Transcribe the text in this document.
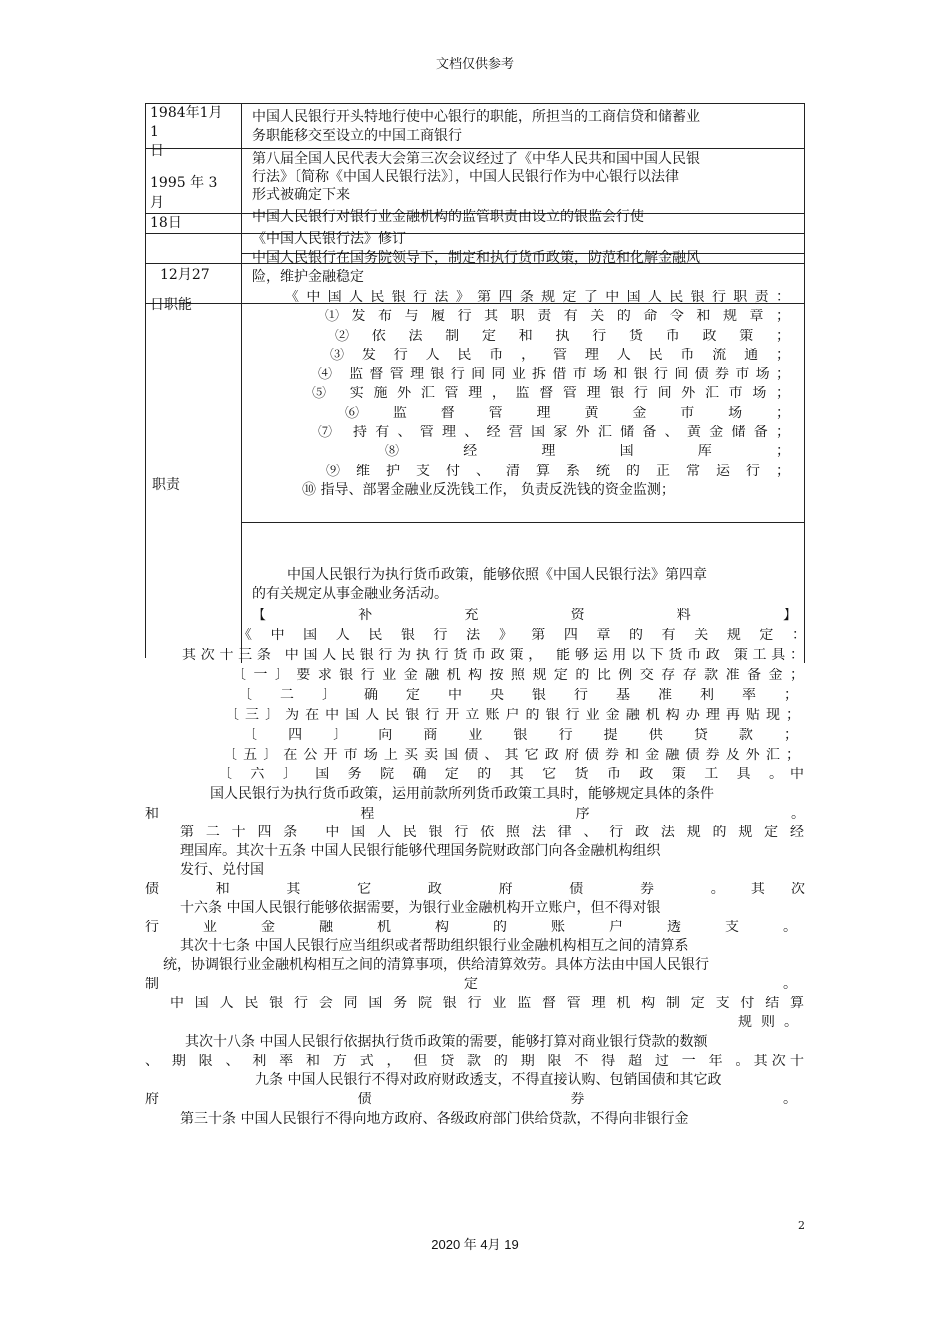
文档仅供参考
1984年1月
1
日
中国人民银行开头特地行使中心银行的职能，所担当的工商信贷和储蓄业
务职能移交至设立的中国工商银行
1995 年 3
月
18日
第八届全国人民代表大会第三次会议经过了《中华人民共和国中国人民银
行法》〔简称《中国人民银行法》〕，中国人民银行作为中心银行以法律
形式被确定下来
中国人民银行对银行业金融机构的监管职责由设立的银监会行使
《中国人民银行法》修订
12月27
日职能
中国人民银行在国务院领导下，制定和执行货币政策，防范和化解金融风
险，维护金融稳定
职责
《中国人民银行法》第四条规定了中国人民银行职责：
① 发 布 与 履 行 其 职 责 有 关 的 命 令 和 规 章 ；
② 依 法 制 定 和 执 行 货 币 政 策 ；
③ 发 行 人 民 币 ， 管 理 人 民 币 流 通 ；
④ 监督管理银行间同业拆借市场和银行间债券市场；
⑤ 实施外汇管理，监督管理银行间外汇市场；
⑥ 监 督 管 理 黄 金 市 场 ；
⑦ 持有、管理、经营国家外汇储备、黄金储备；
⑧ 经 理 国 库 ；
⑨ 维 护 支 付 、 清 算 系 统 的 正 常 运 行 ；
⑩ 指导、部署金融业反洗钱工作， 负责反洗钱的资金监测；
中国人民银行为执行货币政策，能够依照《中国人民银行法》第四章
的有关规定从事金融业务活动。
【 补 充 资 料 】
《 中 国 人 民 银 行 法 》 第 四 章 的 有 关 规 定 ：
其次十三条 中国人民银行为执行货币政策， 能够运用以下货币政 策工具：
〔一〕要求银行业金融机构按照规定的比例交存存款准备金；
〔 二 〕 确 定 中 央 银 行 基 准 利 率 ；
〔三〕为在中国人民银行开立账户的银行业金融机构办理再贴现；
〔 四 〕 向 商 业 银 行 提 供 贷 款 ；
〔五〕在公开市场上买卖国债、其它政府债券和金融债券及外汇；
〔 六 〕 国 务 院 确 定 的 其 它 货 币 政 策 工 具 。中
国人民银行为执行货币政策，运用前款所列货币政策工具时，能够规定具体的条件
和 程 序 。
第二十四条 中国人民银行依照法律、行政法规的规定经
理国库。其次十五条 中国人民银行能够代理国务院财政部门向各金融机构组织
发行、兑付国
债 和 其 它 政 府 债 券 。其次
十六条 中国人民银行能够依据需要，为银行业金融机构开立账户，但不得对银
行 业 金 融 机 构 的 账 户 透 支 。
其次十七条 中国人民银行应当组织或者帮助组织银行业金融机构相互之间的清算系
统，协调银行业金融机构相互之间的清算事项，供给清算效劳。具体方法由中国人民银行
制 定 。
中国人民银行会同国务院银行业监督管理机构制定支付结算
规 则 。
其次十八条 中国人民银行依据执行货币政策的需要，能够打算对商业银行贷款的数额
、 期 限 、 利 率 和 方 式 ， 但 贷 款 的 期 限 不 得 超 过 一 年 。其次十
九条 中国人民银行不得对政府财政透支，不得直接认购、包销国债和其它政
府 债 券 。
第三十条 中国人民银行不得向地方政府、各级政府部门供给贷款，不得向非银行金
2
2020 年 4月 19
